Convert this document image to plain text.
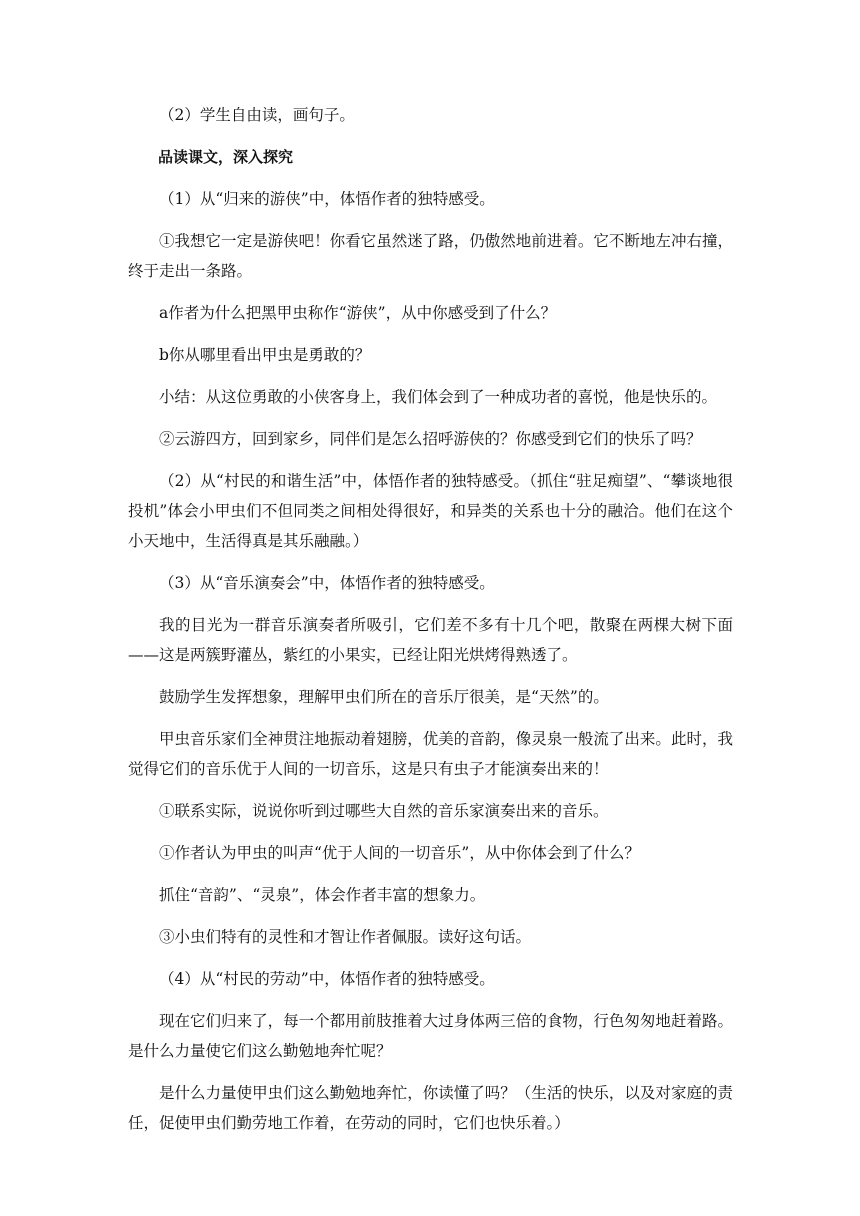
（2）学生自由读，画句子。

品读课文，深入探究

（1）从“归来的游侠”中，体悟作者的独特感受。

①我想它一定是游侠吧！你看它虽然迷了路，仍傲然地前进着。它不断地左冲右撞，终于走出一条路。

a作者为什么把黑甲虫称作“游侠”，从中你感受到了什么？

b你从哪里看出甲虫是勇敢的？

小结：从这位勇敢的小侠客身上，我们体会到了一种成功者的喜悦，他是快乐的。

②云游四方，回到家乡，同伴们是怎么招呼游侠的？你感受到它们的快乐了吗？

（2）从“村民的和谐生活”中，体悟作者的独特感受。（抓住“驻足痴望”、“攀谈地很投机”体会小甲虫们不但同类之间相处得很好，和异类的关系也十分的融洽。他们在这个小天地中，生活得真是其乐融融。）

（3）从“音乐演奏会”中，体悟作者的独特感受。

我的目光为一群音乐演奏者所吸引，它们差不多有十几个吧，散聚在两棵大树下面——这是两簇野灌丛，紫红的小果实，已经让阳光烘烤得熟透了。

鼓励学生发挥想象，理解甲虫们所在的音乐厅很美，是“天然”的。

甲虫音乐家们全神贯注地振动着翅膀，优美的音韵，像灵泉一般流了出来。此时，我觉得它们的音乐优于人间的一切音乐，这是只有虫子才能演奏出来的！

①联系实际，说说你听到过哪些大自然的音乐家演奏出来的音乐。

①作者认为甲虫的叫声“优于人间的一切音乐”，从中你体会到了什么？

抓住“音韵”、“灵泉”，体会作者丰富的想象力。

③小虫们特有的灵性和才智让作者佩服。读好这句话。

（4）从“村民的劳动”中，体悟作者的独特感受。

现在它们归来了，每一个都用前肢推着大过身体两三倍的食物，行色匆匆地赶着路。是什么力量使它们这么勤勉地奔忙呢？

是什么力量使甲虫们这么勤勉地奔忙，你读懂了吗？（生活的快乐，以及对家庭的责任，促使甲虫们勤劳地工作着，在劳动的同时，它们也快乐着。）
